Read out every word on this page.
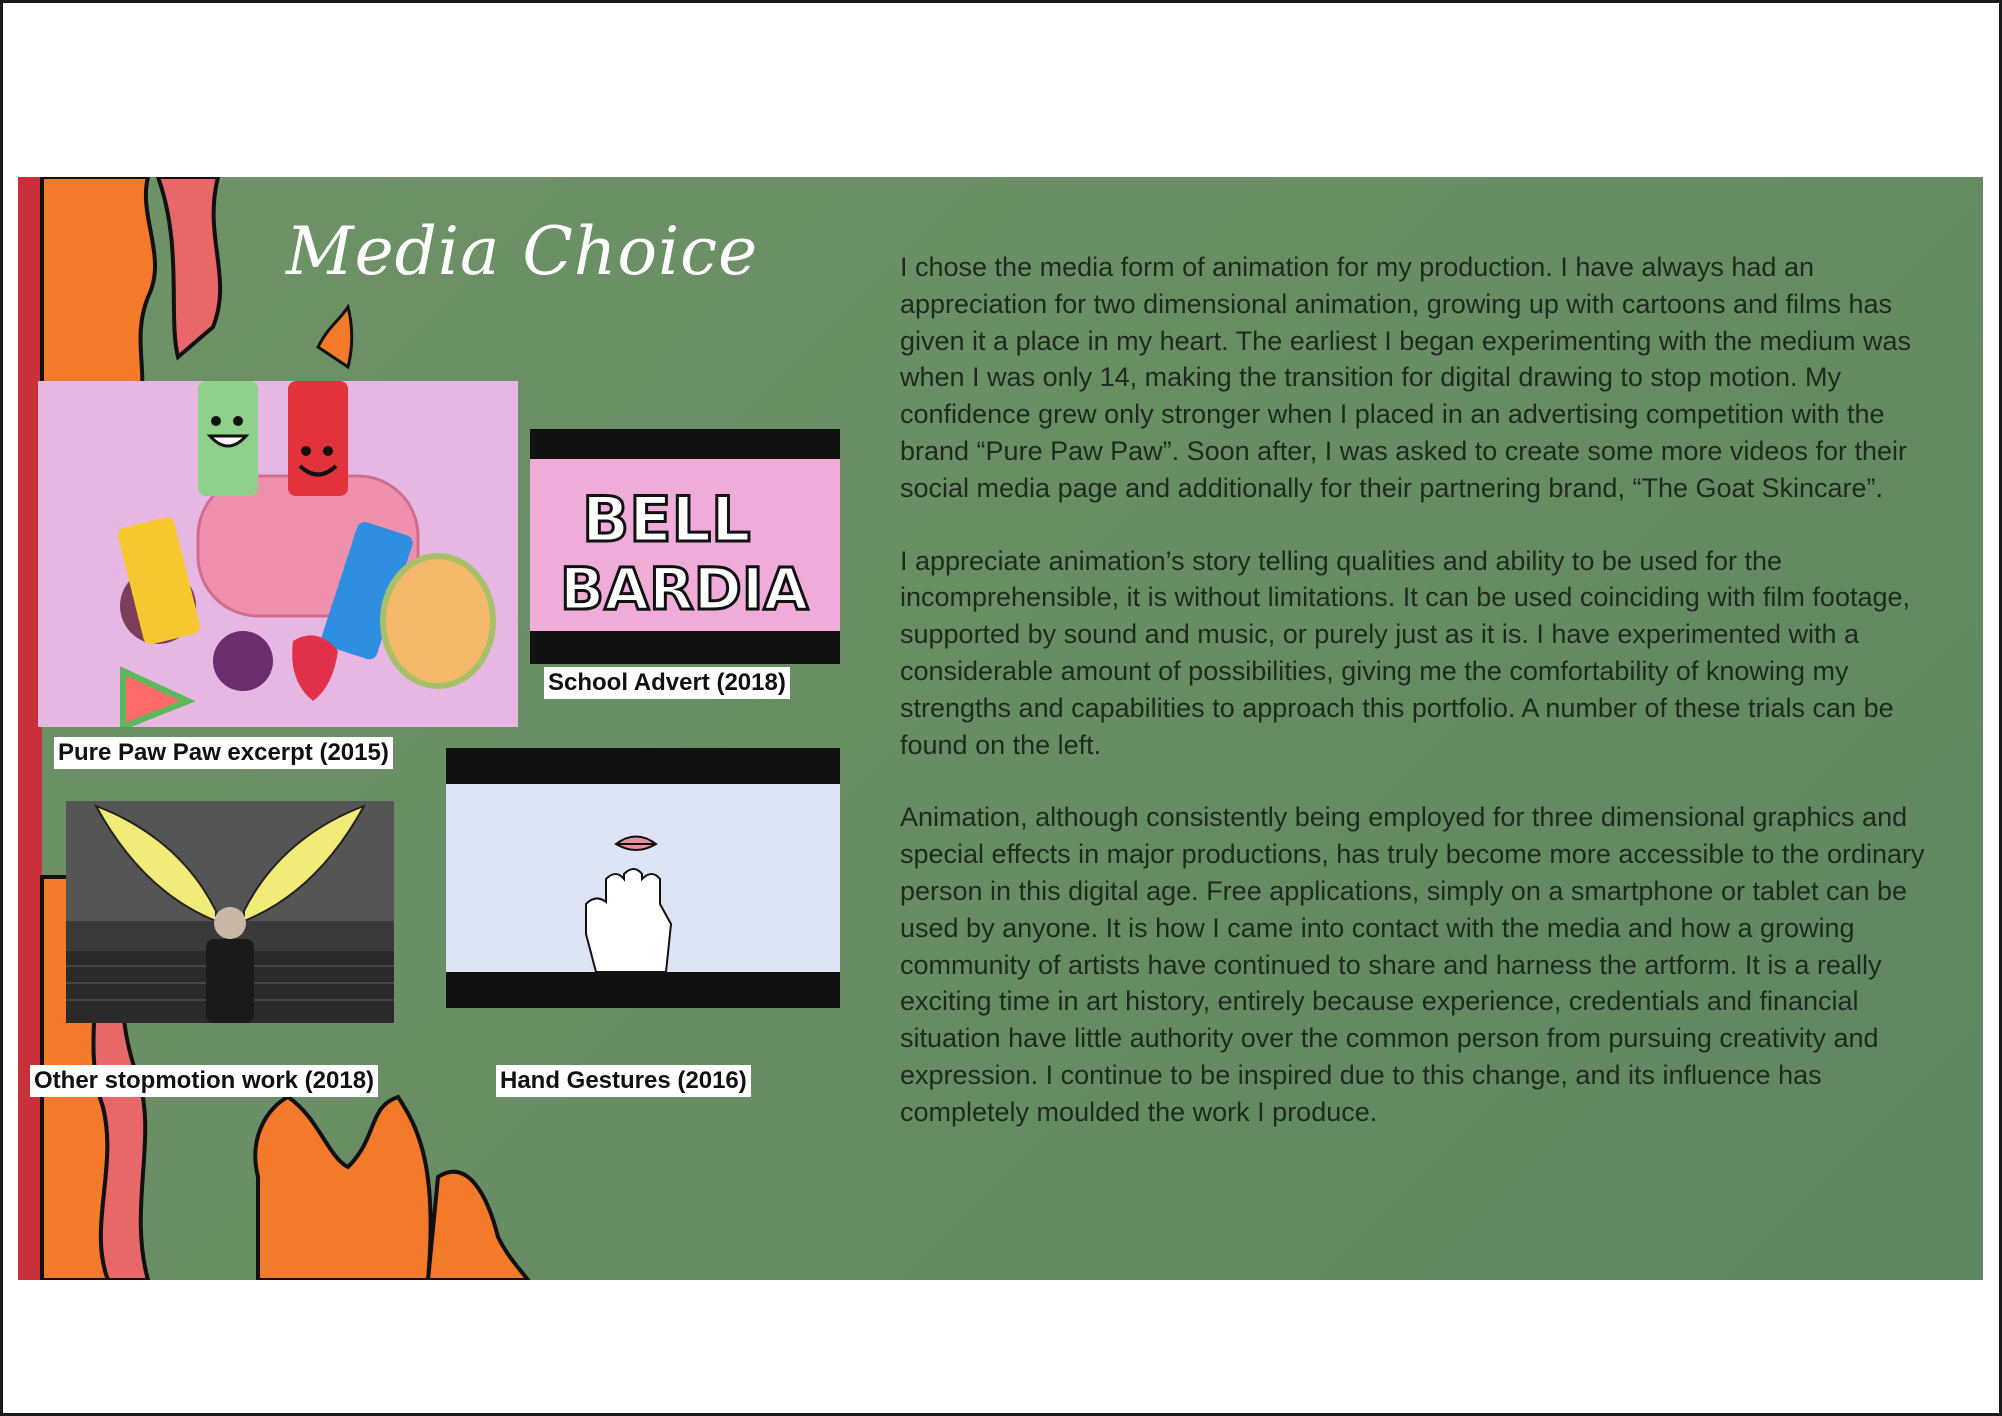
Media Choice
Pure Paw Paw excerpt (2015)
BELL
BARDIA
School Advert (2018)
Other stopmotion work (2018)	Hand Gestures (2016)

I chose the media form of animation for my production. I have always had an appreciation for two dimensional animation, growing up with cartoons and films has given it a place in my heart. The earliest I began experimenting with the medium was when I was only 14, making the transition for digital drawing to stop motion. My confidence grew only stronger when I placed in an advertising competition with the brand “Pure Paw Paw”. Soon after, I was asked to create some more videos for their social media page and additionally for their partnering brand, “The Goat Skincare”.

I appreciate animation’s story telling qualities and ability to be used for the incomprehensible, it is without limitations. It can be used coinciding with film footage, supported by sound and music, or purely just as it is. I have experimented with a considerable amount of possibilities, giving me the comfortability of knowing my strengths and capabilities to approach this portfolio. A number of these trials can be found on the left.

Animation, although consistently being employed for three dimensional graphics and special effects in major productions, has truly become more accessible to the ordinary person in this digital age. Free applications, simply on a smartphone or tablet can be used by anyone. It is how I came into contact with the media and how a growing community of artists have continued to share and harness the artform. It is a really exciting time in art history, entirely because experience, credentials and financial situation have little authority over the common person from pursuing creativity and expression. I continue to be inspired due to this change, and its influence has completely moulded the work I produce.
